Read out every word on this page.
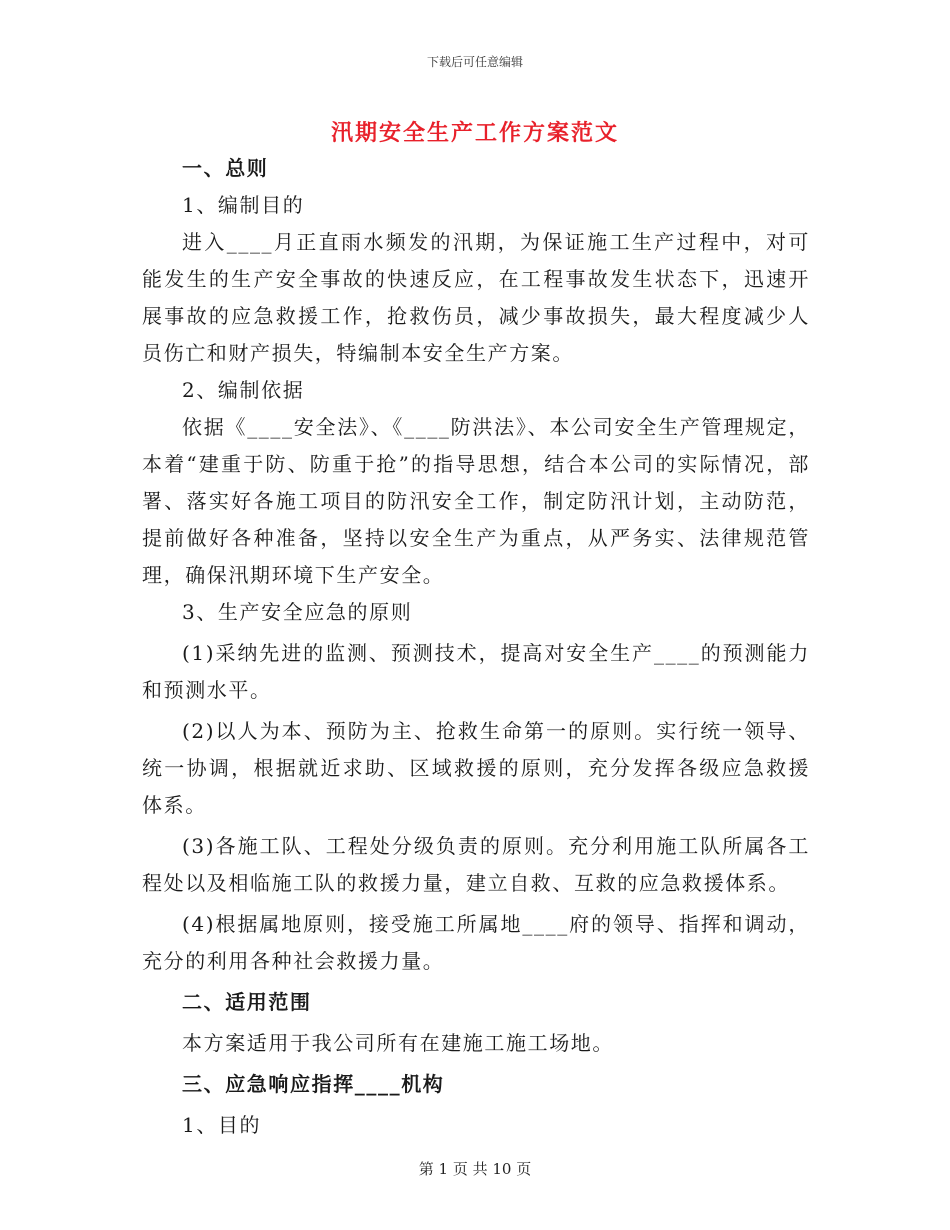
下载后可任意编辑
汛期安全生产工作方案范文

一、总则

1、编制目的

进入____月正直雨水频发的汛期，为保证施工生产过程中，对可能发生的生产安全事故的快速反应，在工程事故发生状态下，迅速开展事故的应急救援工作，抢救伤员，减少事故损失，最大程度减少人员伤亡和财产损失，特编制本安全生产方案。

2、编制依据

依据《____安全法》、《____防洪法》、本公司安全生产管理规定，本着“建重于防、防重于抢”的指导思想，结合本公司的实际情况，部署、落实好各施工项目的防汛安全工作，制定防汛计划，主动防范，提前做好各种准备，坚持以安全生产为重点，从严务实、法律规范管理，确保汛期环境下生产安全。

3、生产安全应急的原则

(1)采纳先进的监测、预测技术，提高对安全生产____的预测能力和预测水平。

(2)以人为本、预防为主、抢救生命第一的原则。实行统一领导、统一协调，根据就近求助、区域救援的原则，充分发挥各级应急救援体系。

(3)各施工队、工程处分级负责的原则。充分利用施工队所属各工程处以及相临施工队的救援力量，建立自救、互救的应急救援体系。

(4)根据属地原则，接受施工所属地____府的领导、指挥和调动，充分的利用各种社会救援力量。

二、适用范围

本方案适用于我公司所有在建施工施工场地。

三、应急响应指挥____机构

1、目的

第 1 页 共 10 页
